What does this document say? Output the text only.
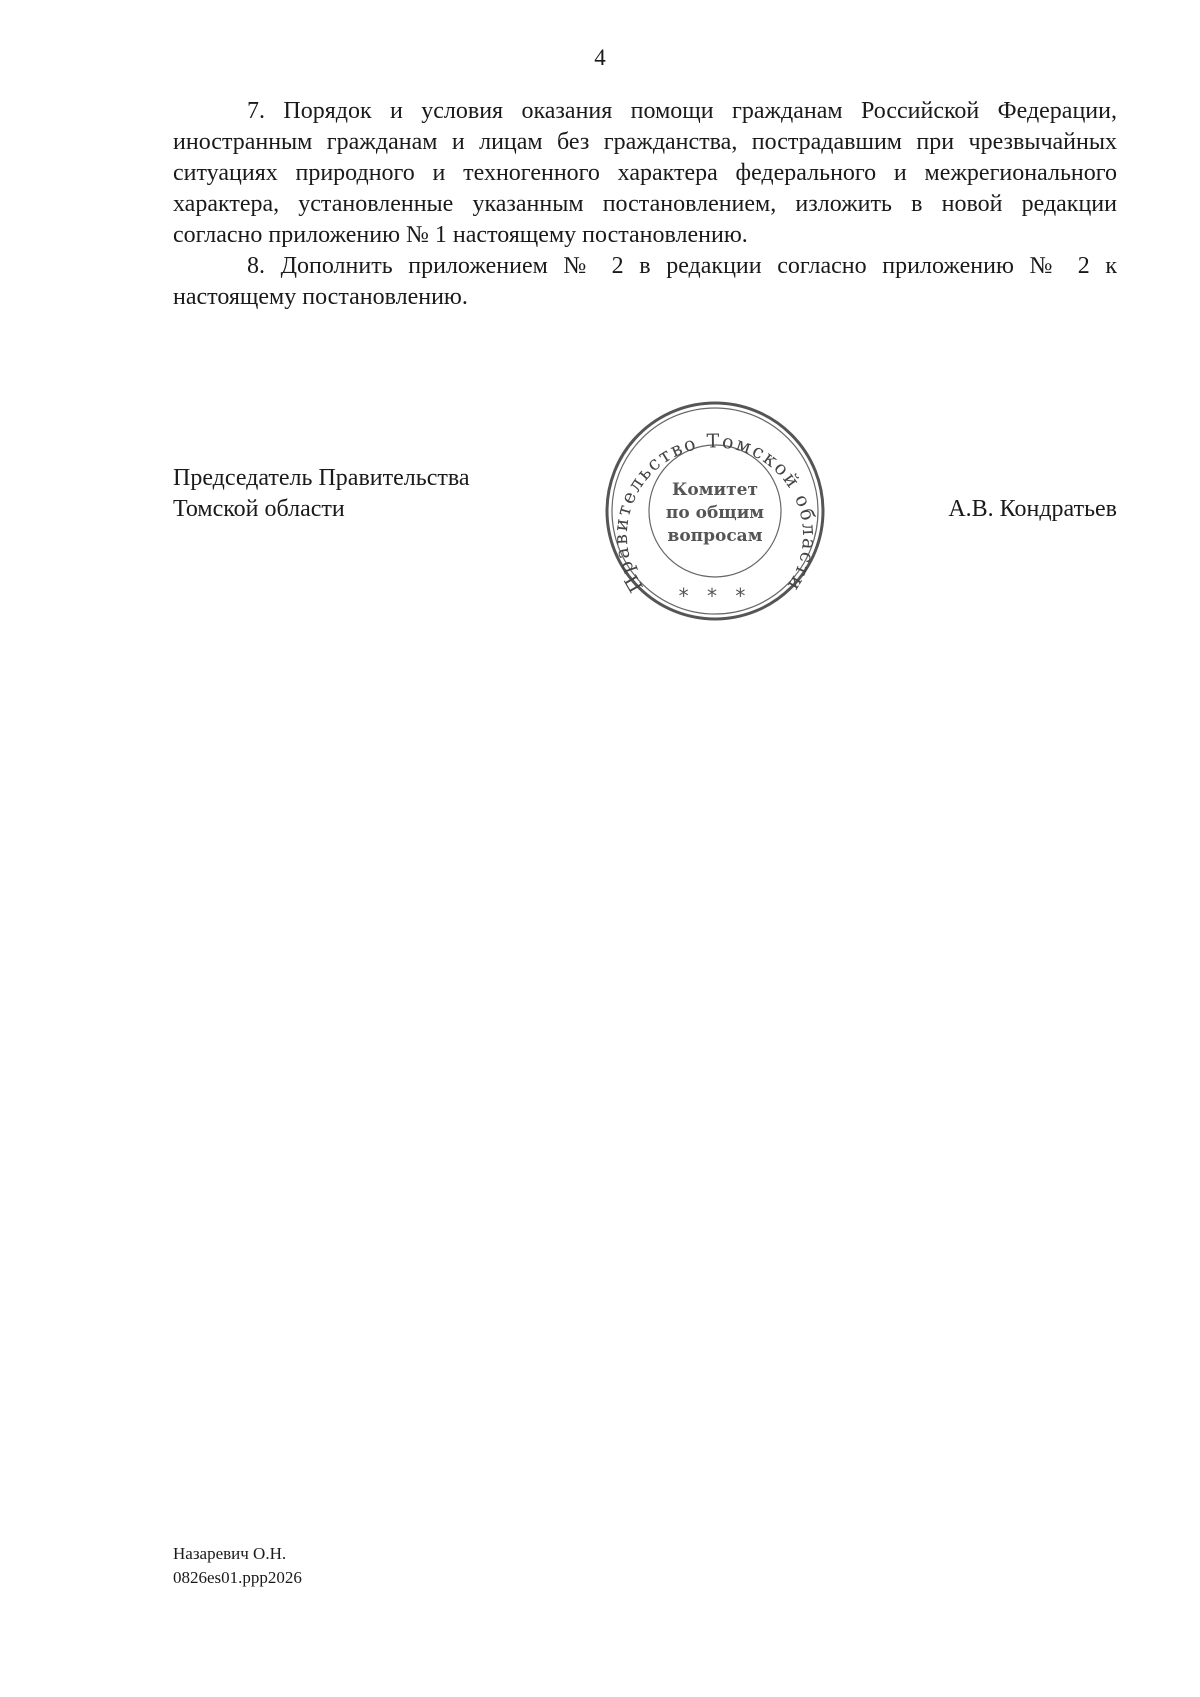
4

7. Порядок и условия оказания помощи гражданам Российской Федерации, иностранным гражданам и лицам без гражданства, пострадавшим при чрезвычайных ситуациях природного и техногенного характера федерального и межрегионального характера, установленные указанным постановлением, изложить в новой редакции согласно приложению № 1 настоящему постановлению.

8. Дополнить приложением № 2 в редакции согласно приложению № 2 к настоящему постановлению.

Председатель Правительства
Томской области
Правительство Томской области
Комитет
по общим
вопросам
* * *
А.В. Кондратьев
Назаревич О.Н.
0826es01.ppp2026
